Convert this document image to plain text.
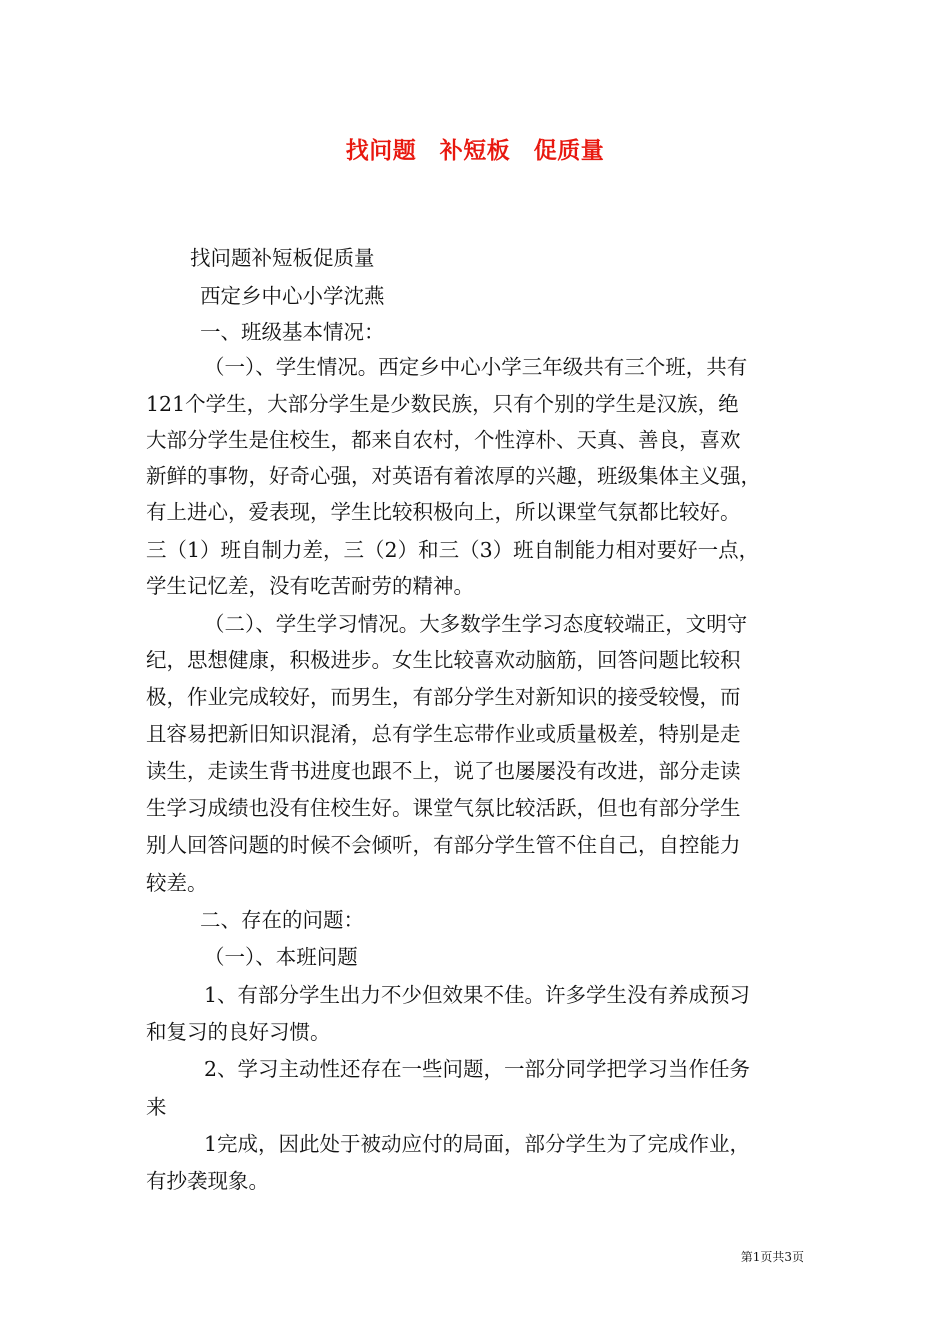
找问题　补短板　促质量
找问题补短板促质量
西定乡中心小学沈燕
一、班级基本情况：
（一）、学生情况。西定乡中心小学三年级共有三个班，共有
121个学生，大部分学生是少数民族，只有个别的学生是汉族，绝
大部分学生是住校生，都来自农村，个性淳朴、天真、善良，喜欢
新鲜的事物，好奇心强，对英语有着浓厚的兴趣，班级集体主义强，
有上进心，爱表现，学生比较积极向上，所以课堂气氛都比较好。
三（1）班自制力差，三（2）和三（3）班自制能力相对要好一点，
学生记忆差，没有吃苦耐劳的精神。
（二）、学生学习情况。大多数学生学习态度较端正，文明守
纪，思想健康，积极进步。女生比较喜欢动脑筋，回答问题比较积
极，作业完成较好，而男生，有部分学生对新知识的接受较慢，而
且容易把新旧知识混淆，总有学生忘带作业或质量极差，特别是走
读生，走读生背书进度也跟不上，说了也屡屡没有改进，部分走读
生学习成绩也没有住校生好。课堂气氛比较活跃，但也有部分学生
别人回答问题的时候不会倾听，有部分学生管不住自己，自控能力
较差。
二、存在的问题：
（一）、本班问题
1、有部分学生出力不少但效果不佳。许多学生没有养成预习
和复习的良好习惯。
2、学习主动性还存在一些问题，一部分同学把学习当作任务
来
1完成，因此处于被动应付的局面，部分学生为了完成作业，
有抄袭现象。
第1页共3页
